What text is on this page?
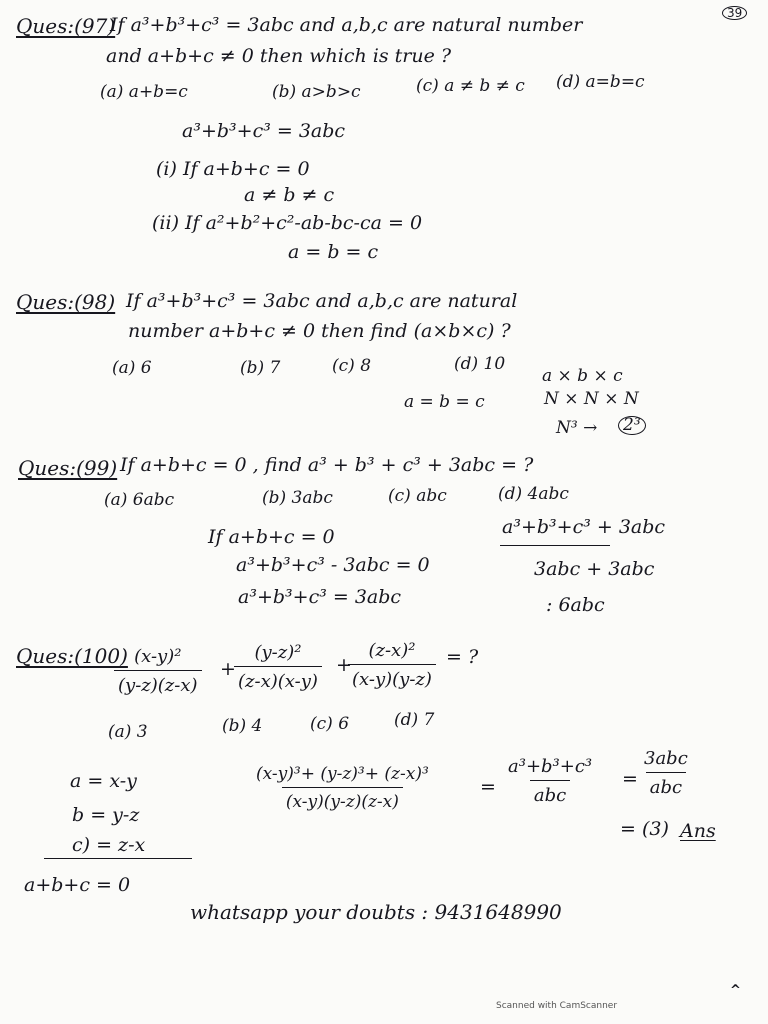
39
Ques:(97)
If a³+b³+c³ = 3abc and a,b,c are natural number
and a+b+c ≠ 0 then which is true ?
(a) a+b=c	(b) a>b>c	(c) a ≠ b ≠ c (d) a=b=c
a³+b³+c³ = 3abc
(i) If a+b+c = 0
a ≠ b ≠ c
(ii) If a²+b²+c²-ab-bc-ca = 0
a = b = c
Ques:(98) If a³+b³+c³ = 3abc and a,b,c are natural
number a+b+c ≠ 0 then find (a×b×c) ?
(a) 6	(b) 7	(c) 8	(d) 10
a = b = c
a × b × c
N × N × N
N³ → 2³
Ques:(99) If a+b+c = 0 , find a³ + b³ + c³ + 3abc = ?
(a) 6abc	(b) 3abc	(c) abc	(d) 4abc
If a+b+c = 0
a³+b³+c³ - 3abc = 0
a³+b³+c³ = 3abc
a³+b³+c³ + 3abc
3abc + 3abc
: 6abc
Ques:(100)
$\frac{\text{(x-y)²}}{(y-z)(z-x)}$ +
$\frac{\text{(y-z)²}}{(z-x)(x-y)}$ +
$\frac{\text{(z-x)²}}{(x-y)(y-z)}$ = ?
(a) 3	(b) 4	(c) 6	(d) 7
a = x-y
b = y-z
c) = z-x
a+b+c = 0
$\frac{\text{(x-y)³+ (y-z)³+ (z-x)³}}{(x-y)(y-z)(z-x)}$ =
a³+b³+c³
abc
=
3abc
abc
= (3) Ans
whatsapp your doubts : 9431648990
^
Scanned with CamScanner
